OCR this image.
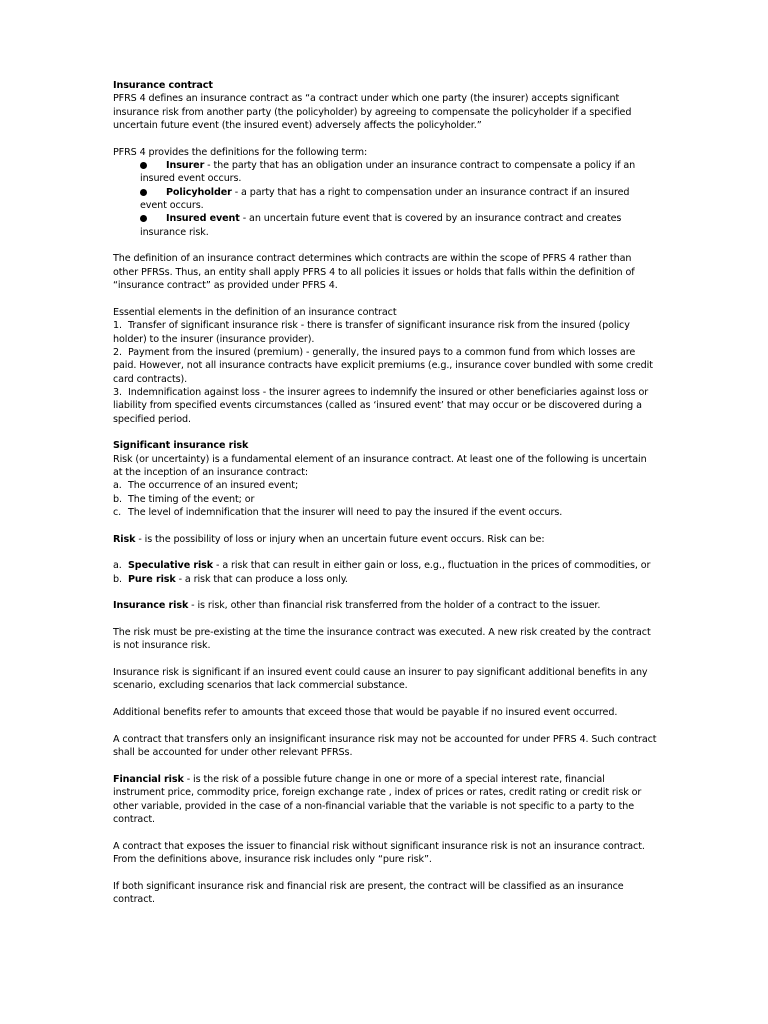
Insurance contract

PFRS 4 defines an insurance contract as “a contract under which one party (the insurer) accepts significant insurance risk from another party (the policyholder) by agreeing to compensate the policyholder if a specified uncertain future event (the insured event) adversely affects the policyholder.”

PFRS 4 provides the definitions for the following term:

Insurer - the party that has an obligation under an insurance contract to compensate a policy if an insured event occurs.
Policyholder - a party that has a right to compensation under an insurance contract if an insured event occurs.
Insured event - an uncertain future event that is covered by an insurance contract and creates insurance risk.

The definition of an insurance contract determines which contracts are within the scope of PFRS 4 rather than other PFRSs. Thus, an entity shall apply PFRS 4 to all policies it issues or holds that falls within the definition of “insurance contract” as provided under PFRS 4.

Essential elements in the definition of an insurance contract

1. Transfer of significant insurance risk - there is transfer of significant insurance risk from the insured (policy holder) to the insurer (insurance provider).

2. Payment from the insured (premium) - generally, the insured pays to a common fund from which losses are paid. However, not all insurance contracts have explicit premiums (e.g., insurance cover bundled with some credit card contracts).

3. Indemnification against loss - the insurer agrees to indemnify the insured or other beneficiaries against loss or liability from specified events circumstances (called as ‘insured event’ that may occur or be discovered during a specified period.

Significant insurance risk

Risk (or uncertainty) is a fundamental element of an insurance contract. At least one of the following is uncertain at the inception of an insurance contract:

a. The occurrence of an insured event;

b. The timing of the event; or

c. The level of indemnification that the insurer will need to pay the insured if the event occurs.

Risk - is the possibility of loss or injury when an uncertain future event occurs. Risk can be:

a. Speculative risk - a risk that can result in either gain or loss, e.g., fluctuation in the prices of commodities, or

b. Pure risk - a risk that can produce a loss only.

Insurance risk - is risk, other than financial risk transferred from the holder of a contract to the issuer.

The risk must be pre-existing at the time the insurance contract was executed. A new risk created by the contract is not insurance risk.

Insurance risk is significant if an insured event could cause an insurer to pay significant additional benefits in any scenario, excluding scenarios that lack commercial substance.

Additional benefits refer to amounts that exceed those that would be payable if no insured event occurred.

A contract that transfers only an insignificant insurance risk may not be accounted for under PFRS 4. Such contract shall be accounted for under other relevant PFRSs.

Financial risk - is the risk of a possible future change in one or more of a special interest rate, financial instrument price, commodity price, foreign exchange rate , index of prices or rates, credit rating or credit risk or other variable, provided in the case of a non-financial variable that the variable is not specific to a party to the contract.

A contract that exposes the issuer to financial risk without significant insurance risk is not an insurance contract. From the definitions above, insurance risk includes only “pure risk”.

If both significant insurance risk and financial risk are present, the contract will be classified as an insurance contract.
